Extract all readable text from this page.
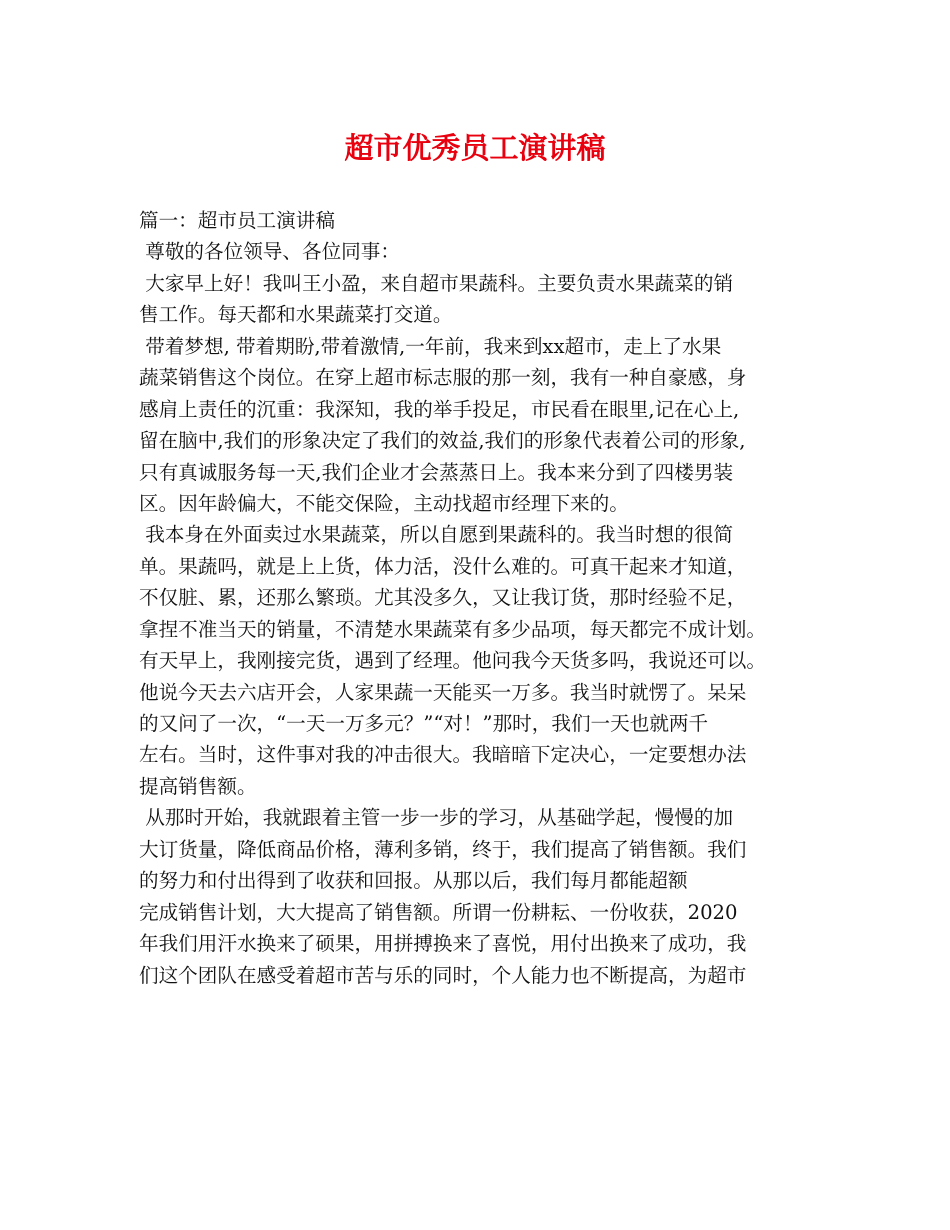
超市优秀员工演讲稿
篇一：超市员工演讲稿
尊敬的各位领导、各位同事：
大家早上好！我叫王小盈，来自超市果蔬科。主要负责水果蔬菜的销
售工作。每天都和水果蔬菜打交道。
带着梦想, 带着期盼,带着激情,一年前，我来到xx超市，走上了水果
蔬菜销售这个岗位。在穿上超市标志服的那一刻，我有一种自豪感，身
感肩上责任的沉重：我深知，我的举手投足，市民看在眼里,记在心上,
留在脑中,我们的形象决定了我们的效益,我们的形象代表着公司的形象,
只有真诚服务每一天,我们企业才会蒸蒸日上。我本来分到了四楼男装
区。因年龄偏大，不能交保险，主动找超市经理下来的。
我本身在外面卖过水果蔬菜，所以自愿到果蔬科的。我当时想的很简
单。果蔬吗，就是上上货，体力活，没什么难的。可真干起来才知道，
不仅脏、累，还那么繁琐。尤其没多久，又让我订货，那时经验不足，
拿捏不准当天的销量，不清楚水果蔬菜有多少品项，每天都完不成计划。
有天早上，我刚接完货，遇到了经理。他问我今天货多吗，我说还可以。
他说今天去六店开会，人家果蔬一天能买一万多。我当时就愣了。呆呆
的又问了一次，“一天一万多元？”“对！”那时，我们一天也就两千
左右。当时，这件事对我的冲击很大。我暗暗下定决心，一定要想办法
提高销售额。
从那时开始，我就跟着主管一步一步的学习，从基础学起，慢慢的加
大订货量，降低商品价格，薄利多销，终于，我们提高了销售额。我们
的努力和付出得到了收获和回报。从那以后，我们每月都能超额
完成销售计划，大大提高了销售额。所谓一份耕耘、一份收获，2020
年我们用汗水换来了硕果，用拼搏换来了喜悦，用付出换来了成功，我
们这个团队在感受着超市苦与乐的同时，个人能力也不断提高，为超市
